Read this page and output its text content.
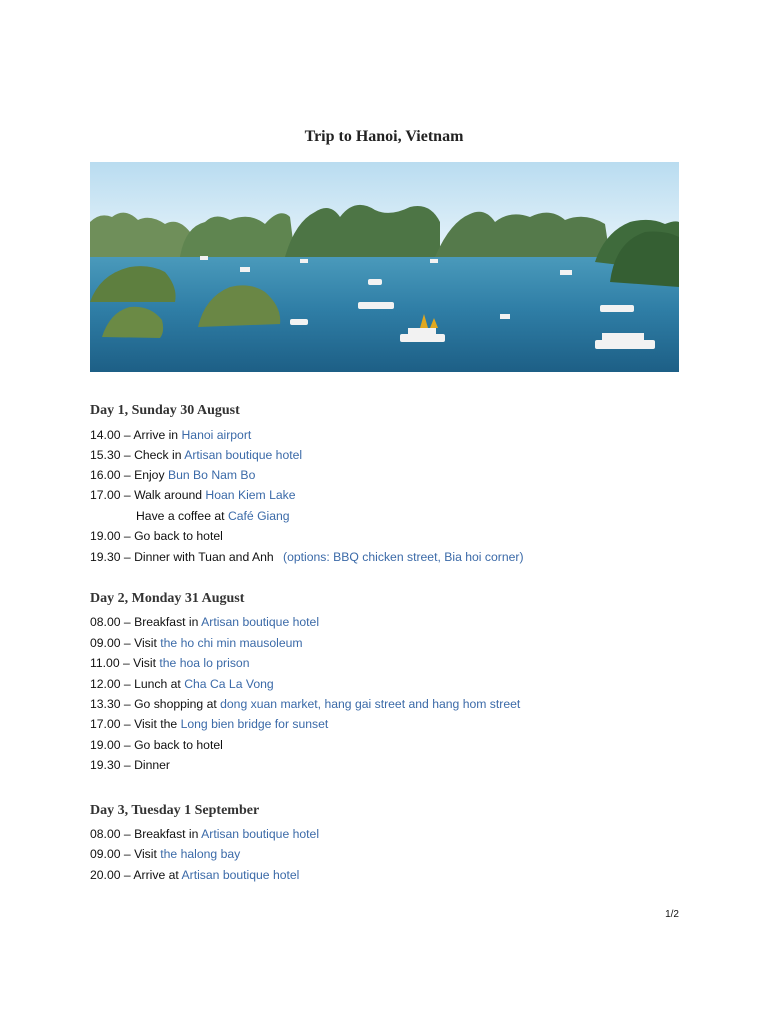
Trip to Hanoi, Vietnam
Day 1, Sunday 30 August
14.00 – Arrive in Hanoi airport
15.30 – Check in Artisan boutique hotel
16.00 – Enjoy Bun Bo Nam Bo
17.00 – Walk around Hoan Kiem Lake
Have a coffee at Café Giang
19.00 – Go back to hotel
19.30 – Dinner with Tuan and Anh (options: BBQ chicken street, Bia hoi corner)
Day 2, Monday 31 August
08.00 – Breakfast in Artisan boutique hotel
09.00 – Visit the ho chi min mausoleum
11.00 – Visit the hoa lo prison
12.00 – Lunch at Cha Ca La Vong
13.30 – Go shopping at dong xuan market, hang gai street and hang hom street
17.00 – Visit the Long bien bridge for sunset
19.00 – Go back to hotel
19.30 – Dinner
Day 3, Tuesday 1 September
08.00 – Breakfast in Artisan boutique hotel
09.00 – Visit the halong bay
20.00 – Arrive at Artisan boutique hotel
1/2
